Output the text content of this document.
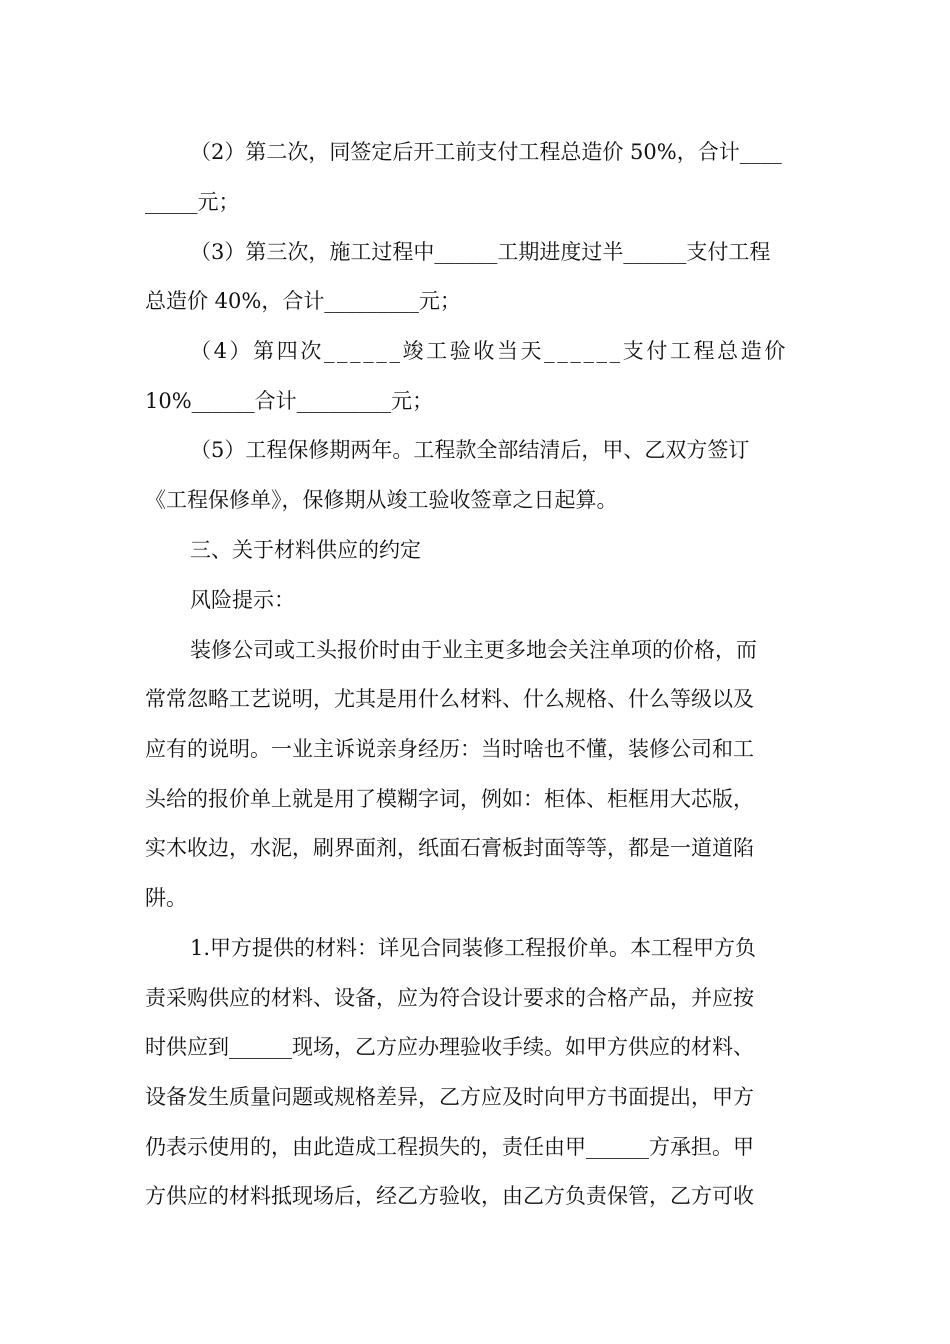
（2）第二次，同签定后开工前支付工程总造价 50%，合计____
_____元；
（3）第三次，施工过程中______工期进度过半______支付工程
总造价 40%，合计_________元；
（4）第四次______竣工验收当天______支付工程总造价
10%______合计_________元；
（5）工程保修期两年。工程款全部结清后，甲、乙双方签订
《工程保修单》，保修期从竣工验收签章之日起算。
三、关于材料供应的约定
风险提示：
装修公司或工头报价时由于业主更多地会关注单项的价格，而
常常忽略工艺说明，尤其是用什么材料、什么规格、什么等级以及
应有的说明。一业主诉说亲身经历：当时啥也不懂，装修公司和工
头给的报价单上就是用了模糊字词，例如：柜体、柜框用大芯版，
实木收边，水泥，刷界面剂，纸面石膏板封面等等，都是一道道陷
阱。
1.甲方提供的材料：详见合同装修工程报价单。本工程甲方负
责采购供应的材料、设备，应为符合设计要求的合格产品，并应按
时供应到______现场，乙方应办理验收手续。如甲方供应的材料、
设备发生质量问题或规格差异，乙方应及时向甲方书面提出，甲方
仍表示使用的，由此造成工程损失的，责任由甲______方承担。甲
方供应的材料抵现场后，经乙方验收，由乙方负责保管，乙方可收
